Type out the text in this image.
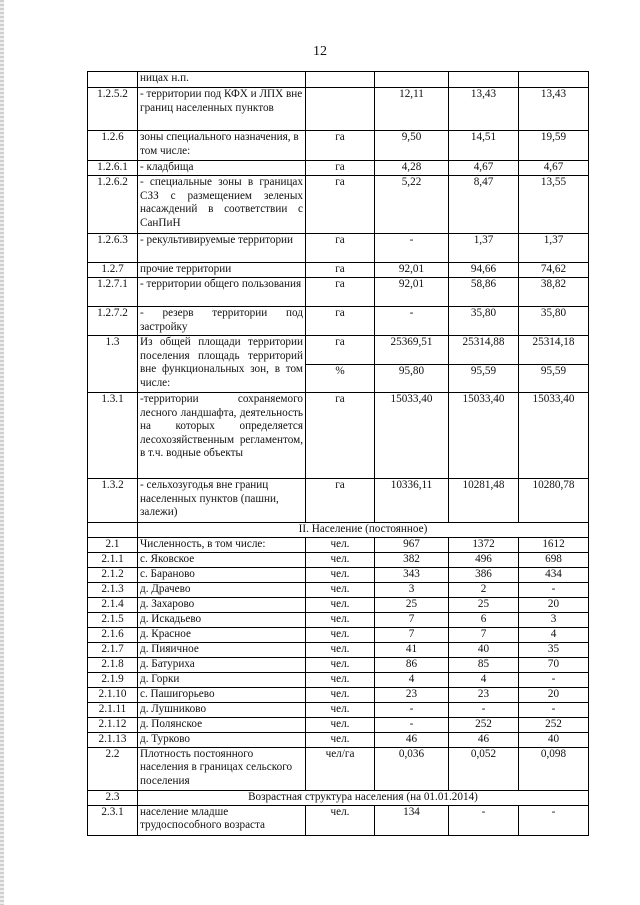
12
	ницах н.п.				
1.2.5.2	- территории под КФХ и ЛПХ вне границ населенных пунктов		12,11	13,43	13,43
1.2.6	зоны специального назначения, в том числе:	га	9,50	14,51	19,59
1.2.6.1	- кладбища	га	4,28	4,67	4,67
1.2.6.2	- специальные зоны в границах СЗЗ с размещением зеленых насаждений в соответствии с СанПиН	га	5,22	8,47	13,55
1.2.6.3	- рекультивируемые территории	га	-	1,37	1,37
1.2.7	прочие территории	га	92,01	94,66	74,62
1.2.7.1	- территории общего пользования	га	92,01	58,86	38,82
1.2.7.2	- резерв территории под застройку	га	-	35,80	35,80
1.3	Из общей площади территории поселения площадь территорий вне функциональных зон, в том числе:	га	25369,51	25314,88	25314,18
		%	95,80	95,59	95,59
1.3.1	-территории сохраняемого лесного ландшафта, деятельность на которых определяется лесохозяйственным регламентом, в т.ч. водные объекты	га	15033,40	15033,40	15033,40
1.3.2	- сельхозугодья вне границ населенных пунктов (пашни, залежи)	га	10336,11	10281,48	10280,78
	II. Население (постоянное)				
2.1	Численность, в том числе:	чел.	967	1372	1612
2.1.1	с. Яковское	чел.	382	496	698
2.1.2	с. Бараново	чел.	343	386	434
2.1.3	д. Драчево	чел.	3	2	-
2.1.4	д. Захарово	чел.	25	25	20
2.1.5	д. Искадьево	чел.	7	6	3
2.1.6	д. Красное	чел.	7	7	4
2.1.7	д. Пияичное	чел.	41	40	35
2.1.8	д. Батуриха	чел.	86	85	70
2.1.9	д. Горки	чел.	4	4	-
2.1.10	с. Пашигорьево	чел.	23	23	20
2.1.11	д. Лушниково	чел.	-	-	-
2.1.12	д. Полянское	чел.	-	252	252
2.1.13	д. Турково	чел.	46	46	40
2.2	Плотность постоянного населения в границах сельского поселения	чел/га	0,036	0,052	0,098
2.3	Возрастная структура населения (на 01.01.2014)				
2.3.1	население младше трудоспособного возраста	чел.	134	-	-
